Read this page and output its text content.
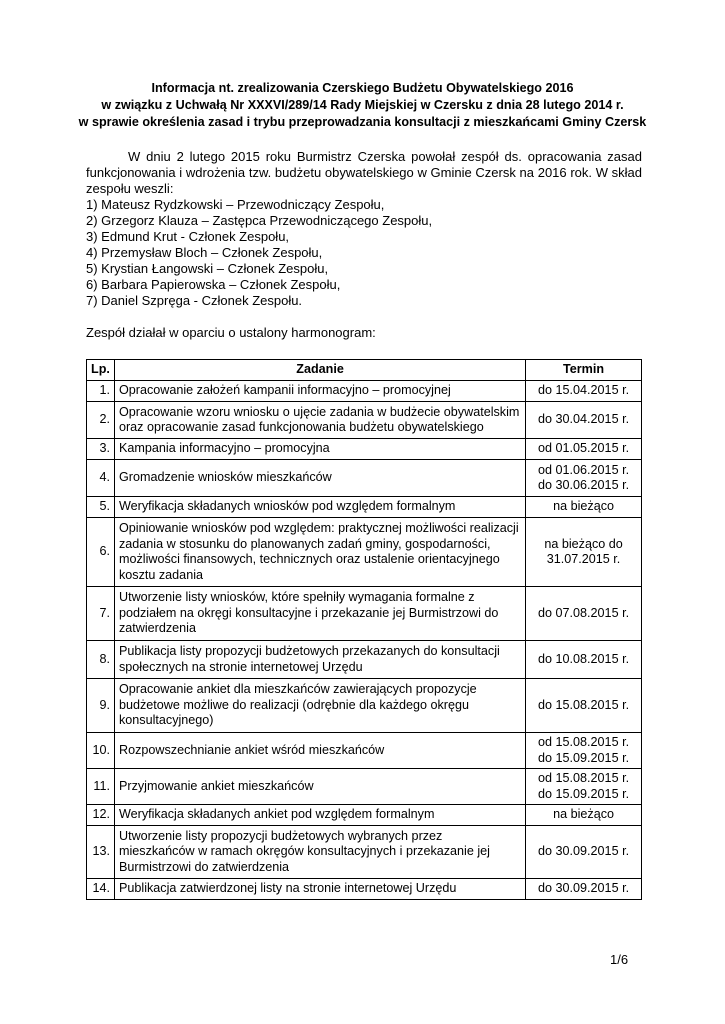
Informacja nt. zrealizowania Czerskiego Budżetu Obywatelskiego 2016
w związku z Uchwałą Nr XXXVI/289/14 Rady Miejskiej w Czersku z dnia 28 lutego 2014 r.
w sprawie określenia zasad i trybu przeprowadzania konsultacji z mieszkańcami Gminy Czersk
W dniu 2 lutego 2015 roku Burmistrz Czerska powołał zespół ds. opracowania zasad funkcjonowania i wdrożenia tzw. budżetu obywatelskiego w Gminie Czersk na 2016 rok. W skład zespołu weszli:
1) Mateusz Rydzkowski – Przewodniczący Zespołu,
2) Grzegorz Klauza – Zastępca Przewodniczącego Zespołu,
3) Edmund Krut - Członek Zespołu,
4) Przemysław Bloch – Członek Zespołu,
5) Krystian Łangowski – Członek Zespołu,
6) Barbara Papierowska – Członek Zespołu,
7) Daniel Szpręga - Członek Zespołu.
Zespół działał w oparciu o ustalony harmonogram:
Lp.	Zadanie	Termin
1.	Opracowanie założeń kampanii informacyjno – promocyjnej	do 15.04.2015 r.
2.	Opracowanie wzoru wniosku o ujęcie zadania w budżecie obywatelskim oraz opracowanie zasad funkcjonowania budżetu obywatelskiego	do 30.04.2015 r.
3.	Kampania informacyjno – promocyjna	od 01.05.2015 r.
4.	Gromadzenie wniosków mieszkańców	od 01.06.2015 r. do 30.06.2015 r.
5.	Weryfikacja składanych wniosków pod względem formalnym	na bieżąco
6.	Opiniowanie wniosków pod względem: praktycznej możliwości realizacji zadania w stosunku do planowanych zadań gminy, gospodarności, możliwości finansowych, technicznych oraz ustalenie orientacyjnego kosztu zadania	na bieżąco do 31.07.2015 r.
7.	Utworzenie listy wniosków, które spełniły wymagania formalne z podziałem na okręgi konsultacyjne i przekazanie jej Burmistrzowi do zatwierdzenia	do 07.08.2015 r.
8.	Publikacja listy propozycji budżetowych przekazanych do konsultacji społecznych na stronie internetowej Urzędu	do 10.08.2015 r.
9.	Opracowanie ankiet dla mieszkańców zawierających propozycje budżetowe możliwe do realizacji (odrębnie dla każdego okręgu konsultacyjnego)	do 15.08.2015 r.
10.	Rozpowszechnianie ankiet wśród mieszkańców	od 15.08.2015 r. do 15.09.2015 r.
11.	Przyjmowanie ankiet mieszkańców	od 15.08.2015 r. do 15.09.2015 r.
12.	Weryfikacja składanych ankiet pod względem formalnym	na bieżąco
13.	Utworzenie listy propozycji budżetowych wybranych przez mieszkańców w ramach okręgów konsultacyjnych i przekazanie jej Burmistrzowi do zatwierdzenia	do 30.09.2015 r.
14.	Publikacja zatwierdzonej listy na stronie internetowej Urzędu	do 30.09.2015 r.
1/6
